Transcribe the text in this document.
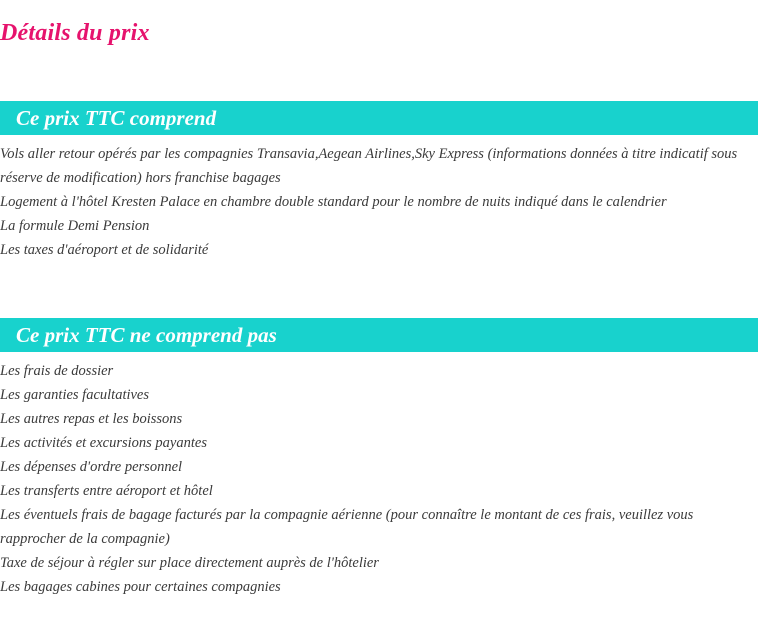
Détails du prix
Ce prix TTC comprend
Vols aller retour opérés par les compagnies Transavia,Aegean Airlines,Sky Express (informations données à titre indicatif sous réserve de modification) hors franchise bagages
Logement à l'hôtel Kresten Palace en chambre double standard pour le nombre de nuits indiqué dans le calendrier
La formule Demi Pension
Les taxes d'aéroport et de solidarité
Ce prix TTC ne comprend pas
Les frais de dossier
Les garanties facultatives
Les autres repas et les boissons
Les activités et excursions payantes
Les dépenses d'ordre personnel
Les transferts entre aéroport et hôtel
Les éventuels frais de bagage facturés par la compagnie aérienne (pour connaître le montant de ces frais, veuillez vous rapprocher de la compagnie)
Taxe de séjour à régler sur place directement auprès de l'hôtelier
Les bagages cabines pour certaines compagnies
